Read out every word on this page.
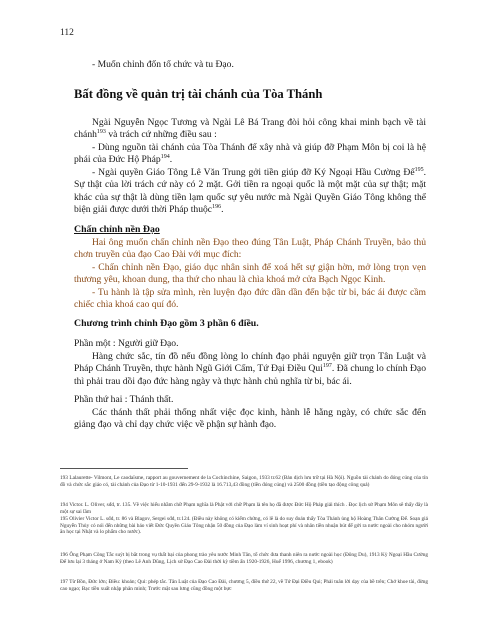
112

- Muốn chỉnh đốn tổ chức và tu Đạo.

Bất đồng về quản trị tài chánh của Tòa Thánh

Ngài Nguyễn Ngọc Tương và Ngài Lê Bá Trang đòi hỏi công khai minh bạch về tài chánh$^{193}$ và trách cứ những điều sau :

- Dùng nguồn tài chánh của Tòa Thánh để xây nhà và giúp đỡ Phạm Môn bị coi là hệ phái của Đức Hộ Pháp$^{194}$.

- Ngài quyền Giáo Tông Lê Văn Trung gởi tiền giúp đỡ Ký Ngoại Hầu Cường Để$^{195}$. Sự thật của lời trách cứ này có 2 mặt. Gởi tiền ra ngoại quốc là một mặt của sự thật; mặt khác của sự thật là dùng tiền lạm quốc sự yêu nước mà Ngài Quyền Giáo Tông không thể biện giải được dưới thời Pháp thuộc$^{196}$.

Chấn chỉnh nền Đạo

Hai ông muốn chấn chỉnh nền Đạo theo đúng Tân Luật, Pháp Chánh Truyền, bảo thủ chơn truyền của đạo Cao Đài với mục đích:

- Chấn chỉnh nền Đạo, giáo dục nhân sinh để xoá hết sự giận hờn, mở lòng trọn vẹn thương yêu, khoan dung, tha thứ cho nhau là chìa khoá mở cửa Bạch Ngọc Kinh.

- Tu hành là tập sửa mình, rèn luyện đạo đức dần dần đến bậc từ bi, bác ái được cầm chiếc chìa khoá cao quí đó.

Chương trình chỉnh Đạo gồm 3 phần 6 điều.

Phần một : Người giữ Đạo.

Hàng chức sắc, tín đồ nếu đồng lòng lo chính đạo phải nguyện giữ trọn Tân Luật và Pháp Chánh Truyền, thực hành Ngũ Giới Cấm, Tứ Đại Điều Qui$^{197}$. Đã chung lo chính Đạo thì phải trau dồi đạo đức hàng ngày và thực hành chủ nghĩa từ bi, bác ái.

Phần thứ hai : Thánh thất.

Các thánh thất phải thống nhất việc đọc kinh, hành lễ hằng ngày, có chức sắc đến giảng đạo và chỉ dạy chức việc về phận sự hành đạo.

193 Lalaurette- Vilmont, Le caodaïsme, rapport au gouvernement de la Cochinchine, Saigon, 1933 tr.62 (Bản dịch lưu trữ tại Hà Nội). Nguồn tài chánh do đóng cúng của tín đồ và chức sắc giáo có, tài chánh của Đạo từ 1-10-1931 đến 29-9-1932 là 16.713,43 đồng (tiền đóng cúng) và 2500 đồng (tiền tạo động công quả)

194 Victor. L. Oliver, sđd, tr. 135. Về việc hiểu nhầm chữ Phạm nghĩa là Phật với chữ Phạm là tên họ đã được Đức Hộ Pháp giải thích . Đọc lịch sử Phạm Môn sẽ thấy đây là một sự sai lầm

195 Olivier Victor L. sđd, tr. 86 và Blagov, Sergei sđd, tr.124. (Điều này không có kiểm chứng, có lẽ là do suy đoán thấy Tòa Thánh ủng hộ Hoàng Thân Cường Để. Soạn giả Nguyễn Thủy có nói đến những bài báo viết Đức Quyền Giáo Tông nhận 50 đồng của Đạo làm ví sinh hoạt phí và nhân tiền nhuận bút để gởi ra nước ngoài cho nhóm người ăn học tại Nhật và lo phẩm cho nước).

196 Ông Phạm Công Tắc suýt bị bắt trong vụ thất bại của phong trào yêu nước Minh Tân, tổ chức đưa thanh niên ra nước ngoài học (Đông Du), 1913 Kỳ Ngoại Hầu Cường Để lưu lại 3 tháng ở Nam Kỳ (theo Lê Anh Dũng, Lịch sử Đạo Cao Đài thời kỳ tiềm ẩn 1920-1926, Huế 1996, chương 1, ebook)

197 Từ Bồn, Đức lớn; Điều: khoản; Qui: phép tắc. Tân Luật của Đạo Cao Đài, chương 5, điều thứ 22, về Tứ Đại Điều Qui; Phải tuân lời dạy của bề trên; Chớ khoe tài, đừng cao ngạo; Bạc tiền xuất nhập phân minh; Trước mặt sau lưng cũng đồng một bực
